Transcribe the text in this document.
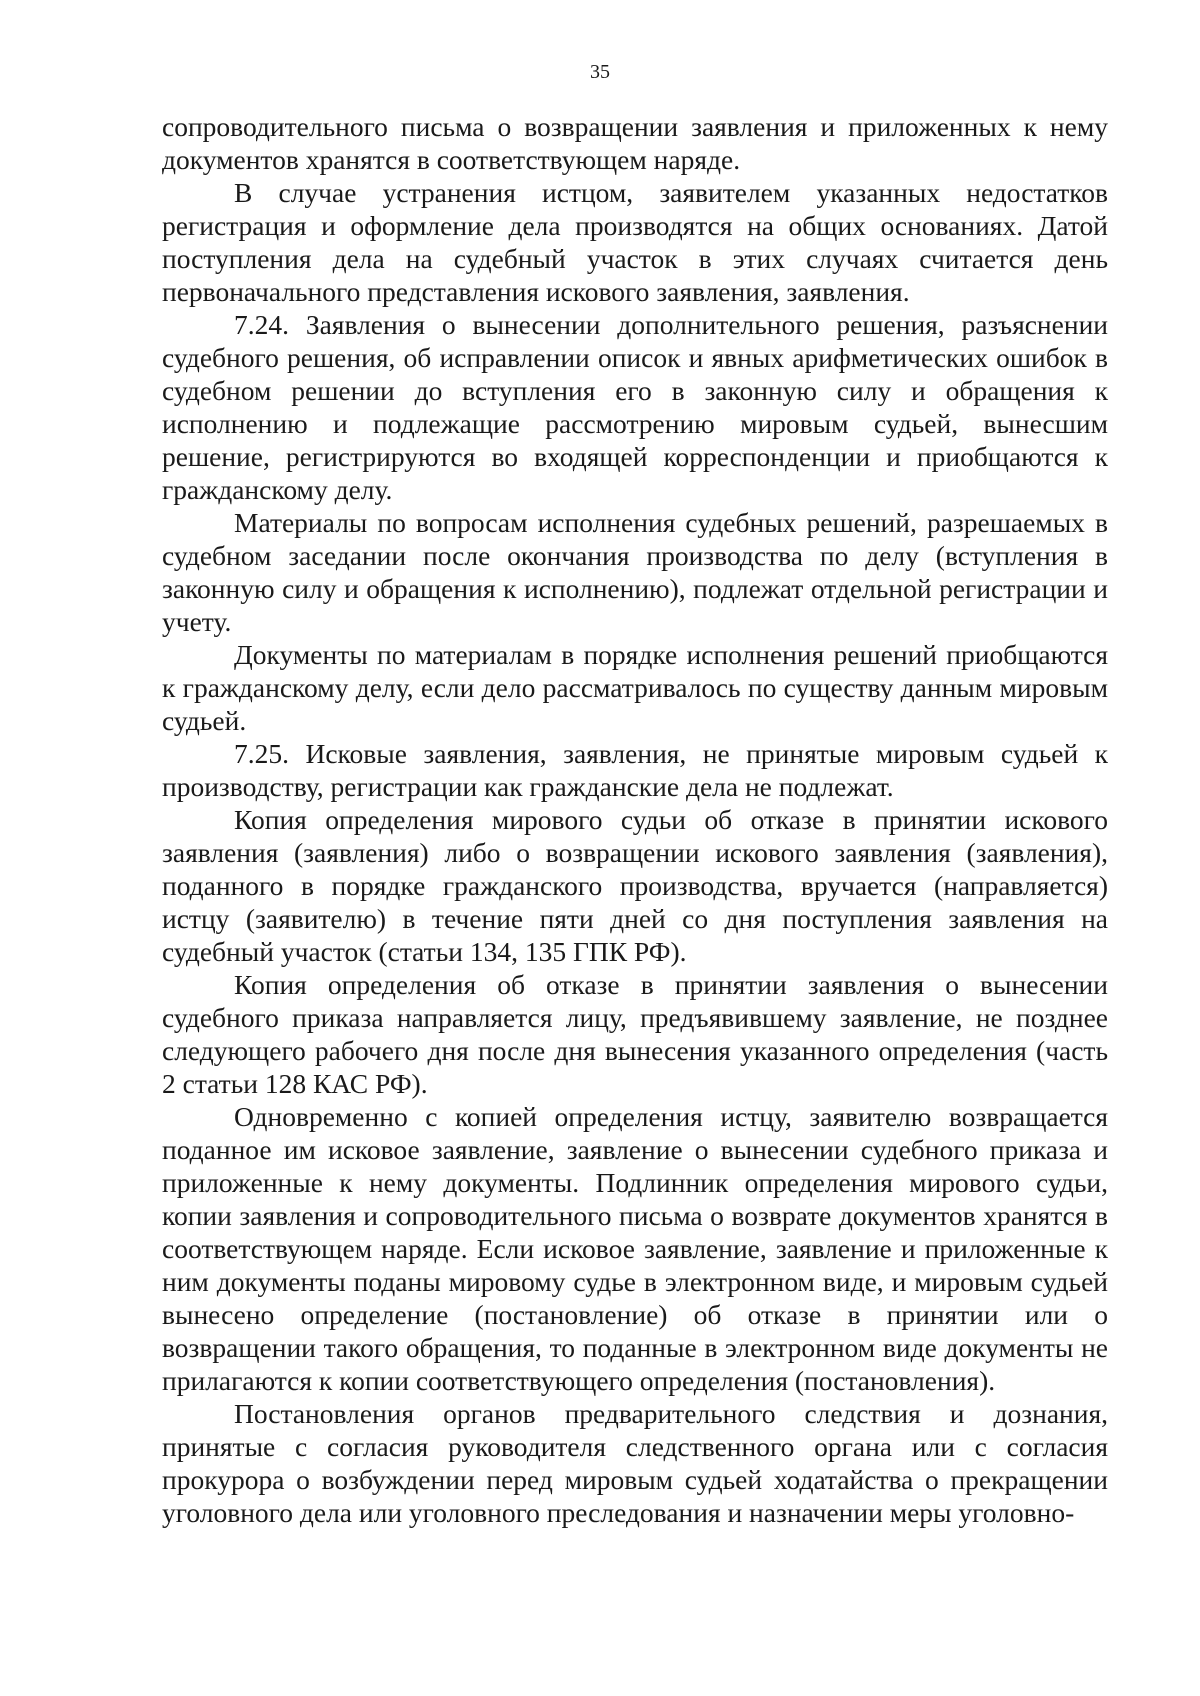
35

сопроводительного письма о возвращении заявления и приложенных к нему документов хранятся в соответствующем наряде.

В случае устранения истцом, заявителем указанных недостатков регистрация и оформление дела производятся на общих основаниях. Датой поступления дела на судебный участок в этих случаях считается день первоначального представления искового заявления, заявления.

7.24. Заявления о вынесении дополнительного решения, разъяснении судебного решения, об исправлении описок и явных арифметических ошибок в судебном решении до вступления его в законную силу и обращения к исполнению и подлежащие рассмотрению мировым судьей, вынесшим решение, регистрируются во входящей корреспонденции и приобщаются к гражданскому делу.

Материалы по вопросам исполнения судебных решений, разрешаемых в судебном заседании после окончания производства по делу (вступления в законную силу и обращения к исполнению), подлежат отдельной регистрации и учету.

Документы по материалам в порядке исполнения решений приобщаются к гражданскому делу, если дело рассматривалось по существу данным мировым судьей.

7.25. Исковые заявления, заявления, не принятые мировым судьей к производству, регистрации как гражданские дела не подлежат.

Копия определения мирового судьи об отказе в принятии искового заявления (заявления) либо о возвращении искового заявления (заявления), поданного в порядке гражданского производства, вручается (направляется) истцу (заявителю) в течение пяти дней со дня поступления заявления на судебный участок (статьи 134, 135 ГПК РФ).

Копия определения об отказе в принятии заявления о вынесении судебного приказа направляется лицу, предъявившему заявление, не позднее следующего рабочего дня после дня вынесения указанного определения (часть 2 статьи 128 КАС РФ).

Одновременно с копией определения истцу, заявителю возвращается поданное им исковое заявление, заявление о вынесении судебного приказа и приложенные к нему документы. Подлинник определения мирового судьи, копии заявления и сопроводительного письма о возврате документов хранятся в соответствующем наряде. Если исковое заявление, заявление и приложенные к ним документы поданы мировому судье в электронном виде, и мировым судьей вынесено определение (постановление) об отказе в принятии или о возвращении такого обращения, то поданные в электронном виде документы не прилагаются к копии соответствующего определения (постановления).

Постановления органов предварительного следствия и дознания, принятые с согласия руководителя следственного органа или с согласия прокурора о возбуждении перед мировым судьей ходатайства о прекращении уголовного дела или уголовного преследования и назначении меры уголовно-
